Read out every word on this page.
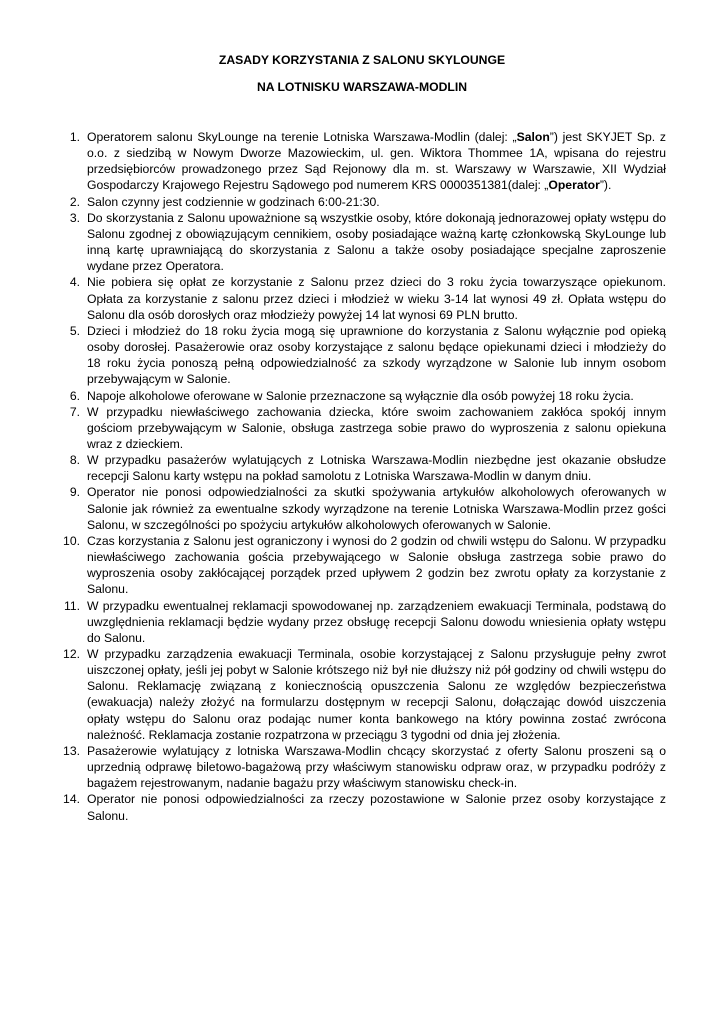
ZASADY KORZYSTANIA Z SALONU SKYLOUNGE
NA LOTNISKU WARSZAWA-MODLIN
1. Operatorem salonu SkyLounge na terenie Lotniska Warszawa-Modlin (dalej: „Salon”) jest SKYJET Sp. z o.o. z siedzibą w Nowym Dworze Mazowieckim, ul. gen. Wiktora Thommee 1A, wpisana do rejestru przedsiębiorców prowadzonego przez Sąd Rejonowy dla m. st. Warszawy w Warszawie, XII Wydział Gospodarczy Krajowego Rejestru Sądowego pod numerem KRS 0000351381(dalej: „Operator”).
2. Salon czynny jest codziennie w godzinach 6:00-21:30.
3. Do skorzystania z Salonu upoważnione są wszystkie osoby, które dokonają jednorazowej opłaty wstępu do Salonu zgodnej z obowiązującym cennikiem, osoby posiadające ważną kartę członkowską SkyLounge lub inną kartę uprawniającą do skorzystania z Salonu a także osoby posiadające specjalne zaproszenie wydane przez Operatora.
4. Nie pobiera się opłat ze korzystanie z Salonu przez dzieci do 3 roku życia towarzyszące opiekunom. Opłata za korzystanie z salonu przez dzieci i młodzież w wieku 3-14 lat wynosi 49 zł. Opłata wstępu do Salonu dla osób dorosłych oraz młodzieży powyżej 14 lat wynosi 69 PLN brutto.
5. Dzieci i młodzież do 18 roku życia mogą się uprawnione do korzystania z Salonu wyłącznie pod opieką osoby dorosłej. Pasażerowie oraz osoby korzystające z salonu będące opiekunami dzieci i młodzieży do 18 roku życia ponoszą pełną odpowiedzialność za szkody wyrządzone w Salonie lub innym osobom przebywającym w Salonie.
6. Napoje alkoholowe oferowane w Salonie przeznaczone są wyłącznie dla osób powyżej 18 roku życia.
7. W przypadku niewłaściwego zachowania dziecka, które swoim zachowaniem zakłóca spokój innym gościom przebywającym w Salonie, obsługa zastrzega sobie prawo do wyproszenia z salonu opiekuna wraz z dzieckiem.
8. W przypadku pasażerów wylatujących z Lotniska Warszawa-Modlin niezbędne jest okazanie obsłudze recepcji Salonu karty wstępu na pokład samolotu z Lotniska Warszawa-Modlin w danym dniu.
9. Operator nie ponosi odpowiedzialności za skutki spożywania artykułów alkoholowych oferowanych w Salonie jak również za ewentualne szkody wyrządzone na terenie Lotniska Warszawa-Modlin przez gości Salonu, w szczególności po spożyciu artykułów alkoholowych oferowanych w Salonie.
10. Czas korzystania z Salonu jest ograniczony i wynosi do 2 godzin od chwili wstępu do Salonu. W przypadku niewłaściwego zachowania gościa przebywającego w Salonie obsługa zastrzega sobie prawo do wyproszenia osoby zakłócającej porządek przed upływem 2 godzin bez zwrotu opłaty za korzystanie z Salonu.
11. W przypadku ewentualnej reklamacji spowodowanej np. zarządzeniem ewakuacji Terminala, podstawą do uwzględnienia reklamacji będzie wydany przez obsługę recepcji Salonu dowodu wniesienia opłaty wstępu do Salonu.
12. W przypadku zarządzenia ewakuacji Terminala, osobie korzystającej z Salonu przysługuje pełny zwrot uiszczonej opłaty, jeśli jej pobyt w Salonie krótszego niż był nie dłuższy niż pół godziny od chwili wstępu do Salonu. Reklamację związaną z koniecznością opuszczenia Salonu ze względów bezpieczeństwa (ewakuacja) należy złożyć na formularzu dostępnym w recepcji Salonu, dołączając dowód uiszczenia opłaty wstępu do Salonu oraz podając numer konta bankowego na który powinna zostać zwrócona należność. Reklamacja zostanie rozpatrzona w przeciągu 3 tygodni od dnia jej złożenia.
13. Pasażerowie wylatujący z lotniska Warszawa-Modlin chcący skorzystać z oferty Salonu proszeni są o uprzednią odprawę biletowo-bagażową przy właściwym stanowisku odpraw oraz, w przypadku podróży z bagażem rejestrowanym, nadanie bagażu przy właściwym stanowisku check-in.
14. Operator nie ponosi odpowiedzialności za rzeczy pozostawione w Salonie przez osoby korzystające z Salonu.
